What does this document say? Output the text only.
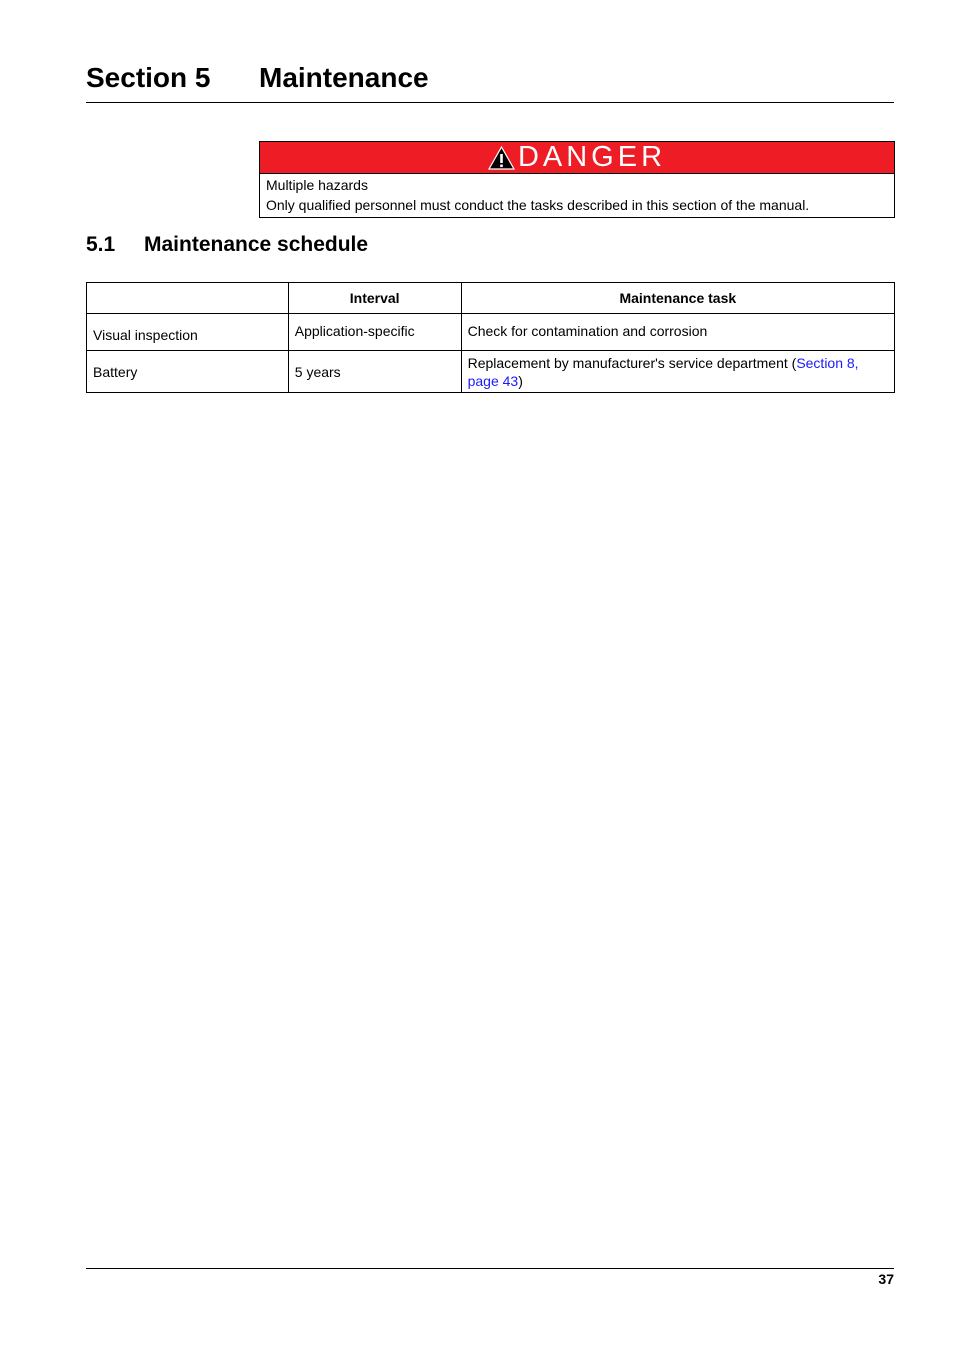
Section 5 Maintenance
DANGER
Multiple hazards
Only qualified personnel must conduct the tasks described in this section of the manual.
5.1 Maintenance schedule
	Interval	Maintenance task
Visual inspection	Application-specific	Check for contamination and corrosion
Battery	5 years	Replacement by manufacturer's service department (Section 8,
page 43)
37
